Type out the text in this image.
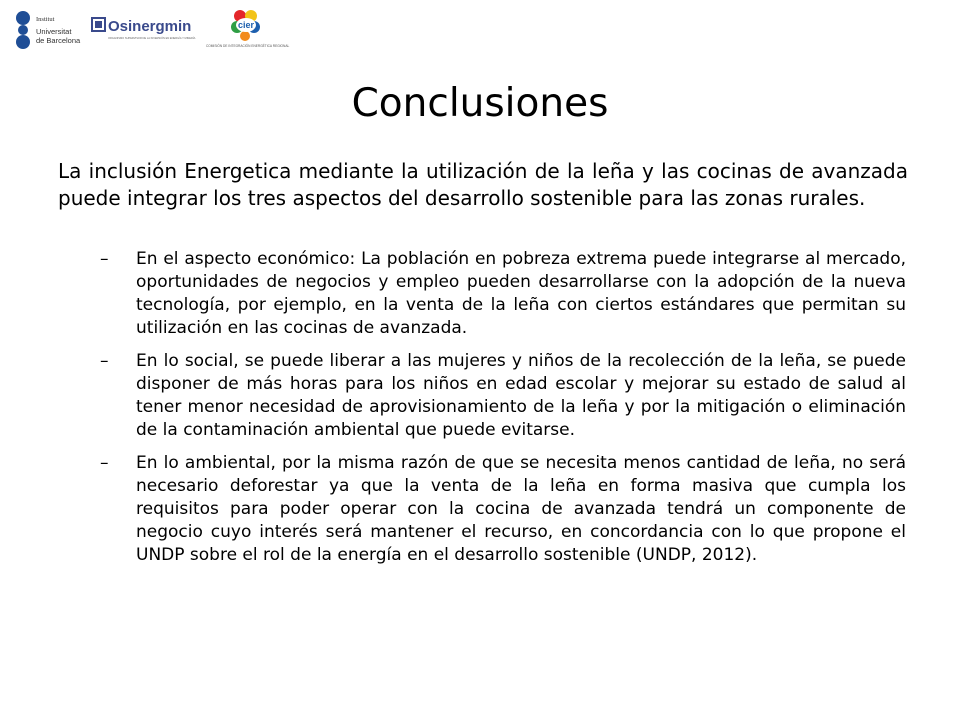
Institut
Universitat
de Barcelona
Osinergmin
ORGANISMO SUPERVISOR DE LA INVERSIÓN EN ENERGÍA Y MINERÍA
cier
COMISIÓN DE INTEGRACIÓN ENERGÉTICA REGIONAL
Conclusiones

La inclusión Energetica mediante la utilización de la leña y las cocinas de avanzada puede integrar los tres aspectos del desarrollo sostenible para las zonas rurales.

– En el aspecto económico: La población en pobreza extrema puede integrarse al mercado, oportunidades de negocios y empleo pueden desarrollarse con la adopción de la nueva tecnología, por ejemplo, en la venta de la leña con ciertos estándares que permitan su utilización en las cocinas de avanzada.
– En lo social, se puede liberar a las mujeres y niños de la recolección de la leña, se puede disponer de más horas para los niños en edad escolar y mejorar su estado de salud al tener menor necesidad de aprovisionamiento de la leña y por la mitigación o eliminación de la contaminación ambiental que puede evitarse.
– En lo ambiental, por la misma razón de que se necesita menos cantidad de leña, no será necesario deforestar ya que la venta de la leña en forma masiva que cumpla los requisitos para poder operar con la cocina de avanzada tendrá un componente de negocio cuyo interés será mantener el recurso, en concordancia con lo que propone el UNDP sobre el rol de la energía en el desarrollo sostenible (UNDP, 2012).
